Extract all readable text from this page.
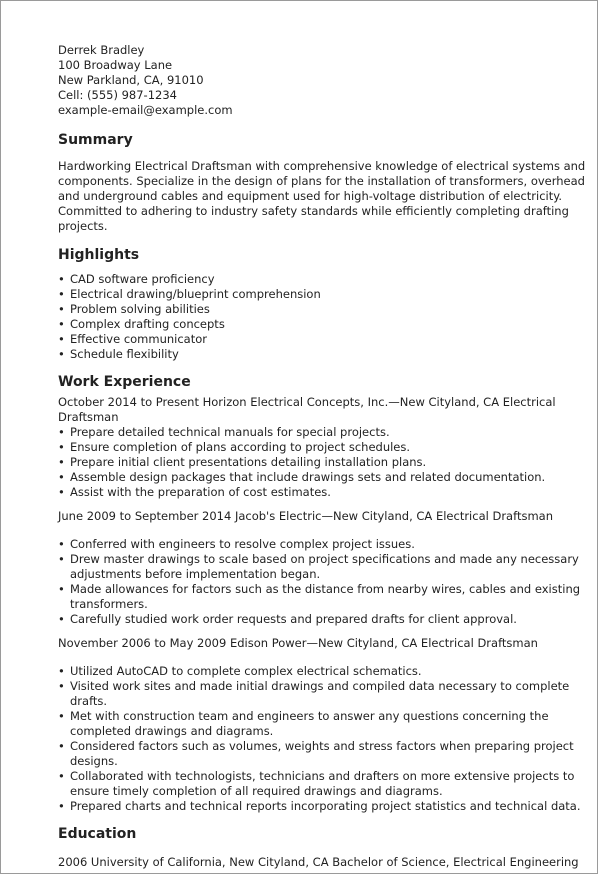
Derrek Bradley
100 Broadway Lane
New Parkland, CA, 91010
Cell: (555) 987-1234
example-email@example.com
Summary
Hardworking Electrical Draftsman with comprehensive knowledge of electrical systems and components. Specialize in the design of plans for the installation of transformers, overhead and underground cables and equipment used for high-voltage distribution of electricity. Committed to adhering to industry safety standards while efficiently completing drafting projects.
Highlights
• CAD software proficiency
• Electrical drawing/blueprint comprehension
• Problem solving abilities
• Complex drafting concepts
• Effective communicator
• Schedule flexibility
Work Experience
October 2014 to Present Horizon Electrical Concepts, Inc.—New Cityland, CA Electrical Draftsman
• Prepare detailed technical manuals for special projects.
• Ensure completion of plans according to project schedules.
• Prepare initial client presentations detailing installation plans.
• Assemble design packages that include drawings sets and related documentation.
• Assist with the preparation of cost estimates.
June 2009 to September 2014 Jacob's Electric—New Cityland, CA Electrical Draftsman
• Conferred with engineers to resolve complex project issues.
• Drew master drawings to scale based on project specifications and made any necessary adjustments before implementation began.
• Made allowances for factors such as the distance from nearby wires, cables and existing transformers.
• Carefully studied work order requests and prepared drafts for client approval.
November 2006 to May 2009 Edison Power—New Cityland, CA Electrical Draftsman
• Utilized AutoCAD to complete complex electrical schematics.
• Visited work sites and made initial drawings and compiled data necessary to complete drafts.
• Met with construction team and engineers to answer any questions concerning the completed drawings and diagrams.
• Considered factors such as volumes, weights and stress factors when preparing project designs.
• Collaborated with technologists, technicians and drafters on more extensive projects to ensure timely completion of all required drawings and diagrams.
• Prepared charts and technical reports incorporating project statistics and technical data.
Education
2006 University of California, New Cityland, CA Bachelor of Science, Electrical Engineering
